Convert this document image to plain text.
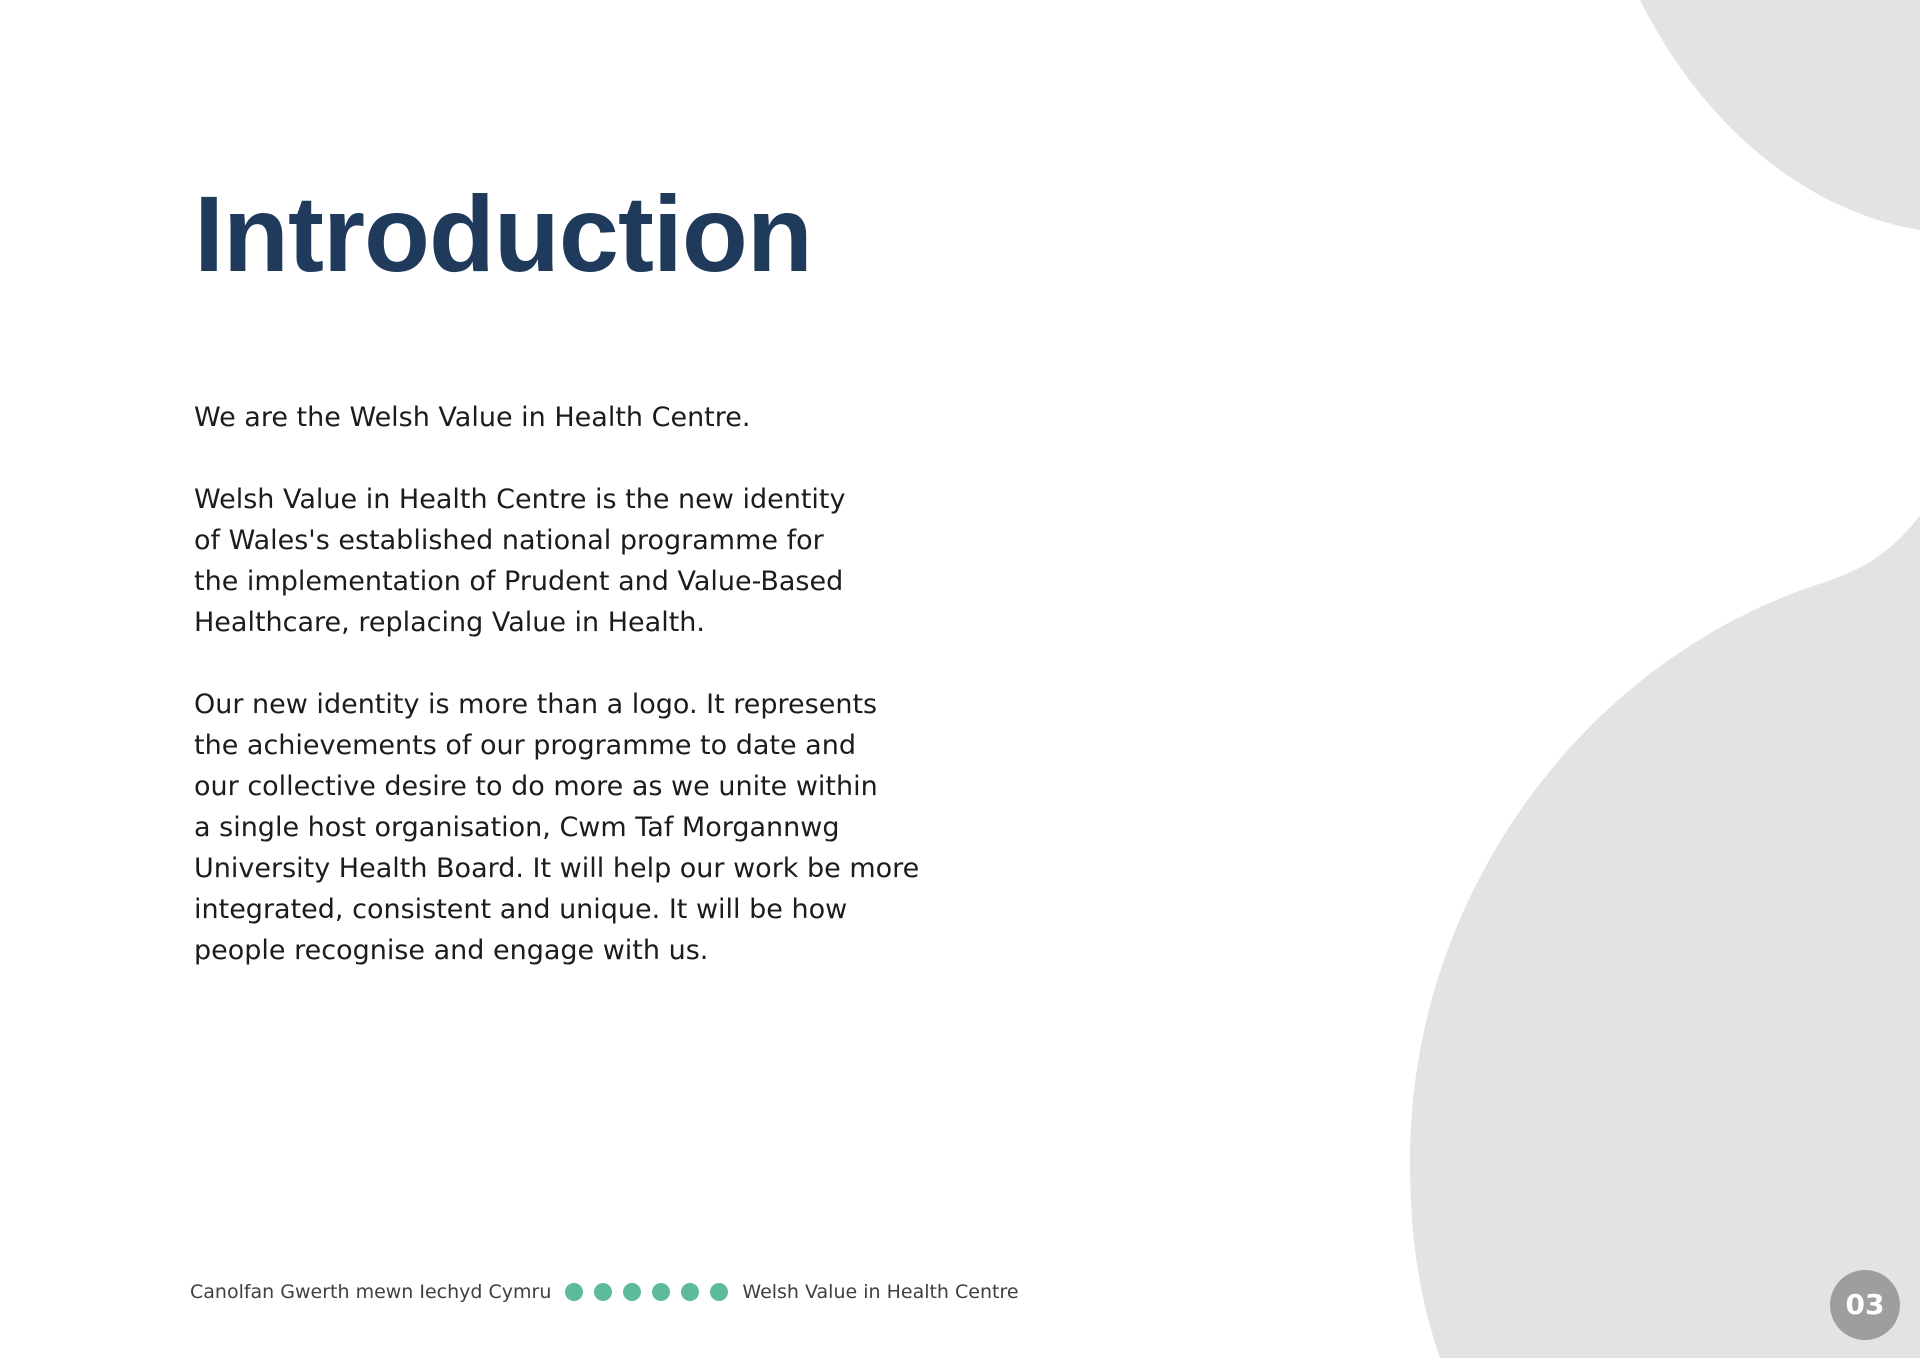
Introduction

We are the Welsh Value in Health Centre.

Welsh Value in Health Centre is the new identity
of Wales's established national programme for
the implementation of Prudent and Value-Based
Healthcare, replacing Value in Health.

Our new identity is more than a logo. It represents
the achievements of our programme to date and
our collective desire to do more as we unite within
a single host organisation, Cwm Taf Morgannwg
University Health Board. It will help our work be more
integrated, consistent and unique. It will be how
people recognise and engage with us.

Canolfan Gwerth mewn Iechyd Cymru	Welsh Value in Health Centre	03
